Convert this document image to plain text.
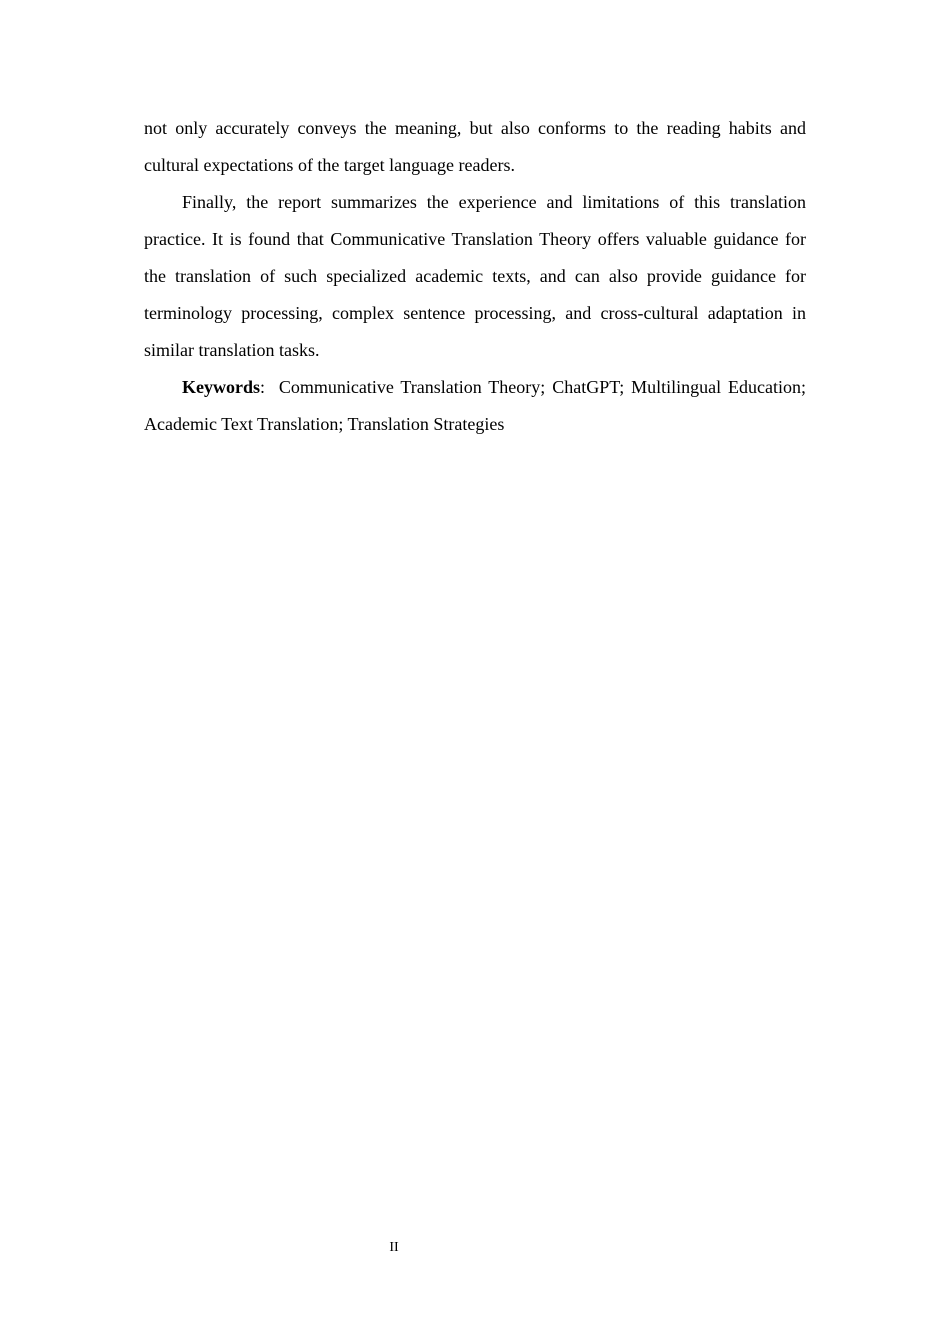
not only accurately conveys the meaning, but also conforms to the reading habits and cultural expectations of the target language readers.

Finally, the report summarizes the experience and limitations of this translation practice. It is found that Communicative Translation Theory offers valuable guidance for the translation of such specialized academic texts, and can also provide guidance for terminology processing, complex sentence processing, and cross-cultural adaptation in similar translation tasks.

Keywords: Communicative Translation Theory; ChatGPT; Multilingual Education; Academic Text Translation; Translation Strategies

II
